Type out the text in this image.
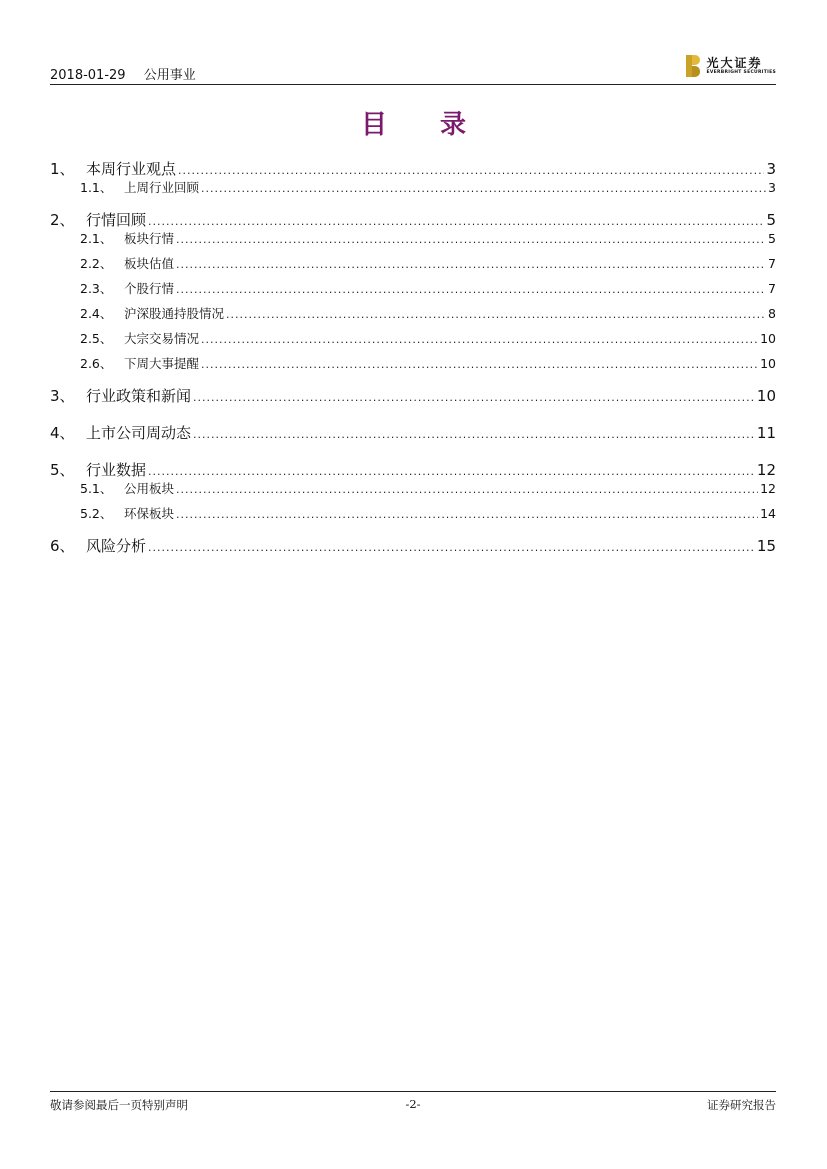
2018-01-29 公用事业
光大证券
EVERBRIGHT SECURITIES
目 录
1、 本周行业观点 .....	3
1.1、 上周行业回顾 .....	3
2、 行情回顾 .....	5
2.1、 板块行情 .....	5
2.2、 板块估值 .....	7
2.3、 个股行情 .....	7
2.4、 沪深股通持股情况 .....	8
2.5、 大宗交易情况 .....	10
2.6、 下周大事提醒 .....	10
3、 行业政策和新闻 .....	10
4、 上市公司周动态 .....	11
5、 行业数据 .....	12
5.1、 公用板块 .....	12
5.2、 环保板块 .....	14
6、 风险分析 .....	15
敬请参阅最后一页特别声明	-2-	证券研究报告
